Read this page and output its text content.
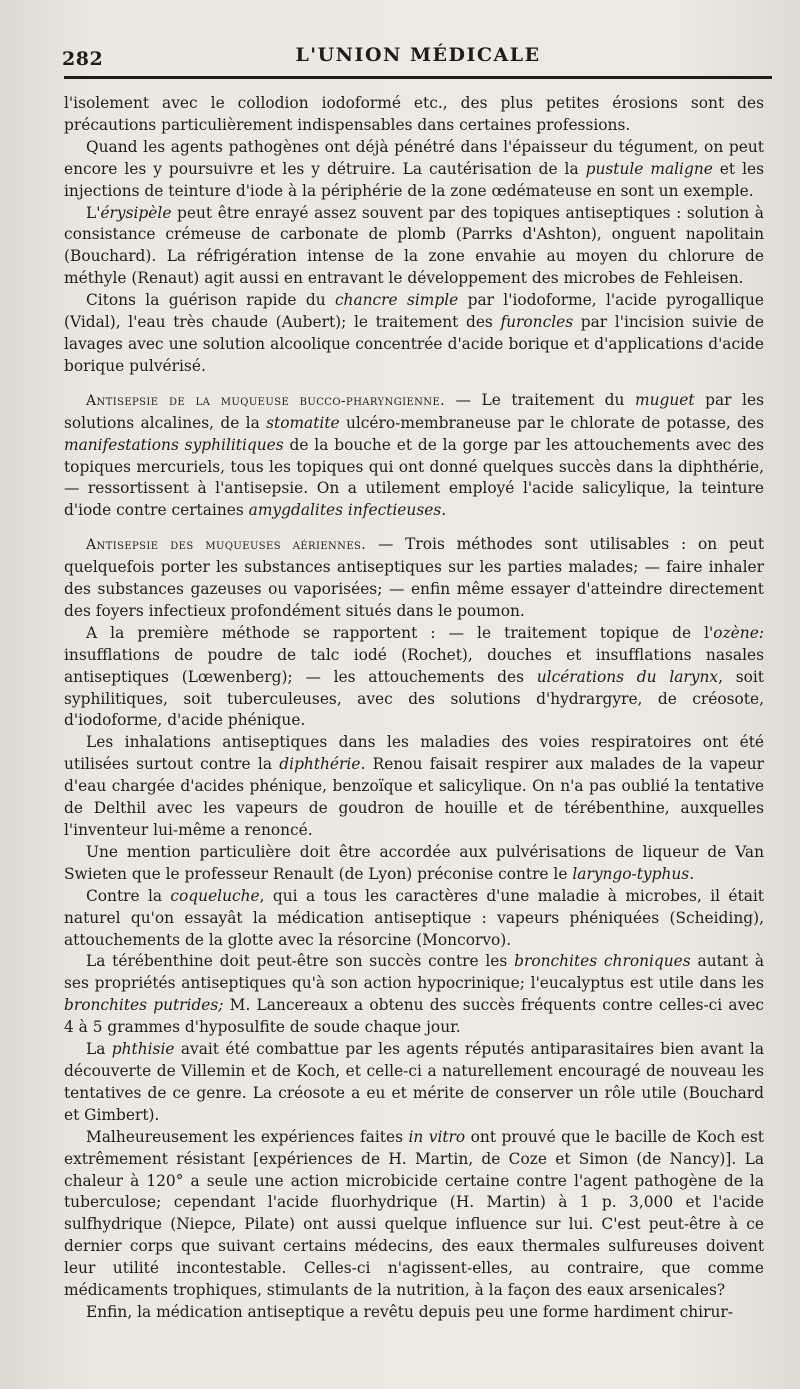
282	L'UNION MÉDICALE

l'isolement avec le collodion iodoformé etc., des plus petites érosions sont des précautions particulièrement indispensables dans certaines professions.

Quand les agents pathogènes ont déjà pénétré dans l'épaisseur du tégument, on peut encore les y poursuivre et les y détruire. La cautérisation de la pustule maligne et les injections de teinture d'iode à la périphérie de la zone œdémateuse en sont un exemple.

L'érysipèle peut être enrayé assez souvent par des topiques antiseptiques : solution à consistance crémeuse de carbonate de plomb (Parrks d'Ashton), onguent napolitain (Bouchard). La réfrigération intense de la zone envahie au moyen du chlorure de méthyle (Renaut) agit aussi en entravant le développement des microbes de Fehleisen.

Citons la guérison rapide du chancre simple par l'iodoforme, l'acide pyrogallique (Vidal), l'eau très chaude (Aubert); le traitement des furoncles par l'incision suivie de lavages avec une solution alcoolique concentrée d'acide borique et d'applications d'acide borique pulvérisé.

Antisepsie de la muqueuse bucco-pharyngienne. — Le traitement du muguet par les solutions alcalines, de la stomatite ulcéro-membraneuse par le chlorate de potasse, des manifestations syphilitiques de la bouche et de la gorge par les attouchements avec des topiques mercuriels, tous les topiques qui ont donné quelques succès dans la diphthérie, — ressortissent à l'antisepsie. On a utilement employé l'acide salicylique, la teinture d'iode contre certaines amygdalites infectieuses.

Antisepsie des muqueuses aériennes. — Trois méthodes sont utilisables : on peut quelquefois porter les substances antiseptiques sur les parties malades; — faire inhaler des substances gazeuses ou vaporisées; — enfin même essayer d'atteindre directement des foyers infectieux profondément situés dans le poumon.

A la première méthode se rapportent : — le traitement topique de l'ozène: insufflations de poudre de talc iodé (Rochet), douches et insufflations nasales antiseptiques (Lœwenberg); — les attouchements des ulcérations du larynx, soit syphilitiques, soit tuberculeuses, avec des solutions d'hydrargyre, de créosote, d'iodoforme, d'acide phénique.

Les inhalations antiseptiques dans les maladies des voies respiratoires ont été utilisées surtout contre la diphthérie. Renou faisait respirer aux malades de la vapeur d'eau chargée d'acides phénique, benzoïque et salicylique. On n'a pas oublié la tentative de Delthil avec les vapeurs de goudron de houille et de térébenthine, auxquelles l'inventeur lui-même a renoncé.

Une mention particulière doit être accordée aux pulvérisations de liqueur de Van Swieten que le professeur Renault (de Lyon) préconise contre le laryngo-typhus.

Contre la coqueluche, qui a tous les caractères d'une maladie à microbes, il était naturel qu'on essayât la médication antiseptique : vapeurs phéniquées (Scheiding), attouchements de la glotte avec la résorcine (Moncorvo).

La térébenthine doit peut-être son succès contre les bronchites chroniques autant à ses propriétés antiseptiques qu'à son action hypocrinique; l'eucalyptus est utile dans les bronchites putrides; M. Lancereaux a obtenu des succès fréquents contre celles-ci avec 4 à 5 grammes d'hyposulfite de soude chaque jour.

La phthisie avait été combattue par les agents réputés antiparasitaires bien avant la découverte de Villemin et de Koch, et celle-ci a naturellement encouragé de nouveau les tentatives de ce genre. La créosote a eu et mérite de conserver un rôle utile (Bouchard et Gimbert).

Malheureusement les expériences faites in vitro ont prouvé que le bacille de Koch est extrêmement résistant [expériences de H. Martin, de Coze et Simon (de Nancy)]. La chaleur à 120° a seule une action microbicide certaine contre l'agent pathogène de la tuberculose; cependant l'acide fluorhydrique (H. Martin) à 1 p. 3,000 et l'acide sulfhydrique (Niepce, Pilate) ont aussi quelque influence sur lui. C'est peut-être à ce dernier corps que suivant certains médecins, des eaux thermales sulfureuses doivent leur utilité incontestable. Celles-ci n'agissent-elles, au contraire, que comme médicaments trophiques, stimulants de la nutrition, à la façon des eaux arsenicales?

Enfin, la médication antiseptique a revêtu depuis peu une forme hardiment chirur-
